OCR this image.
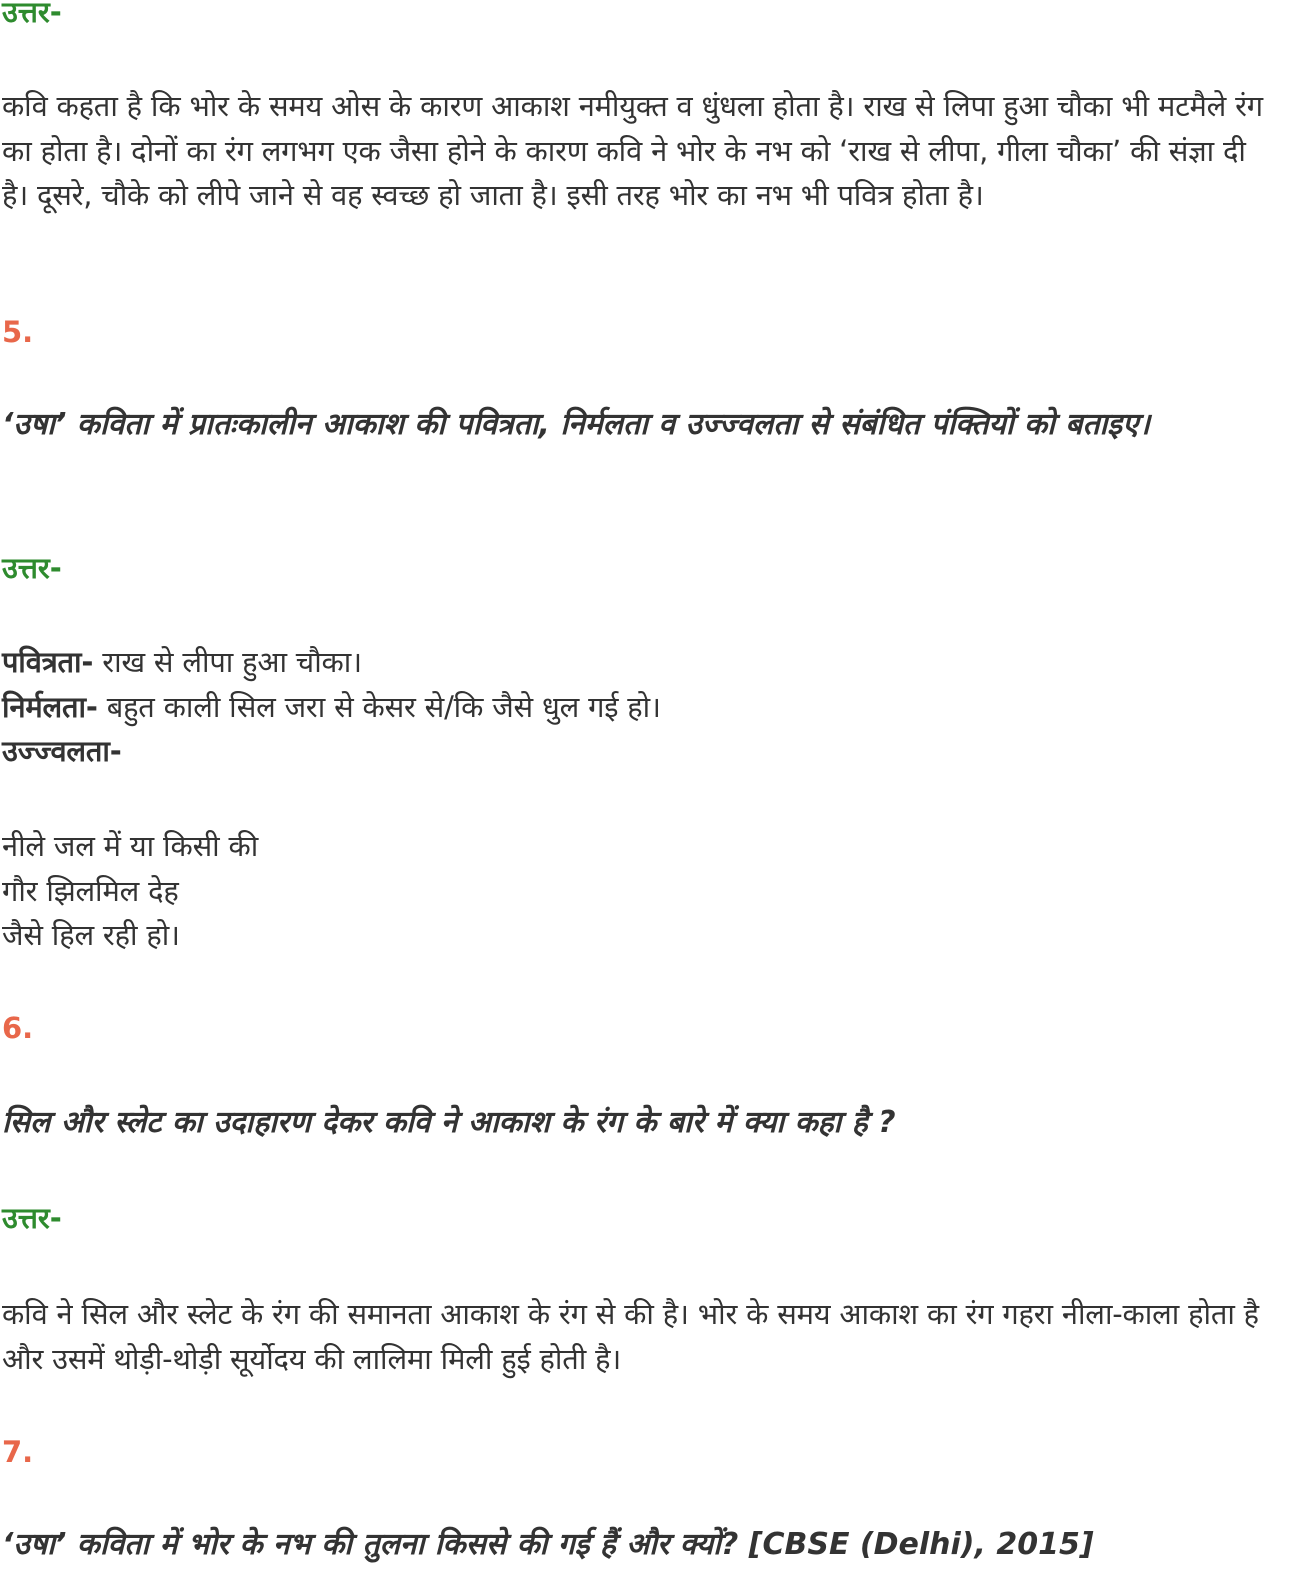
उत्तर-

कवि कहता है कि भोर के समय ओस के कारण आकाश नमीयुक्त व धुंधला होता है। राख से लिपा हुआ चौका भी मटमैले रंग का होता है। दोनों का रंग लगभग एक जैसा होने के कारण कवि ने भोर के नभ को ‘राख से लीपा, गीला चौका’ की संज्ञा दी है। दूसरे, चौके को लीपे जाने से वह स्वच्छ हो जाता है। इसी तरह भोर का नभ भी पवित्र होता है।

5.

‘उषा’ कविता में प्रातःकालीन आकाश की पवित्रता, निर्मलता व उज्ज्वलता से संबंधित पंक्तियों को बताइए।

उत्तर-
पवित्रता- राख से लीपा हुआ चौका।
निर्मलता- बहुत काली सिल जरा से केसर से/कि जैसे धुल गई हो।
उज्ज्वलता-
नीले जल में या किसी की
गौर झिलमिल देह
जैसे हिल रही हो।
6.

सिल और स्लेट का उदाहारण देकर कवि ने आकाश के रंग के बारे में क्या कहा है ?

उत्तर-

कवि ने सिल और स्लेट के रंग की समानता आकाश के रंग से की है। भोर के समय आकाश का रंग गहरा नीला-काला होता है और उसमें थोड़ी-थोड़ी सूर्योदय की लालिमा मिली हुई होती है।

7.

‘उषा’ कविता में भोर के नभ की तुलना किससे की गई हैं और क्यों? [CBSE (Delhi), 2015]
